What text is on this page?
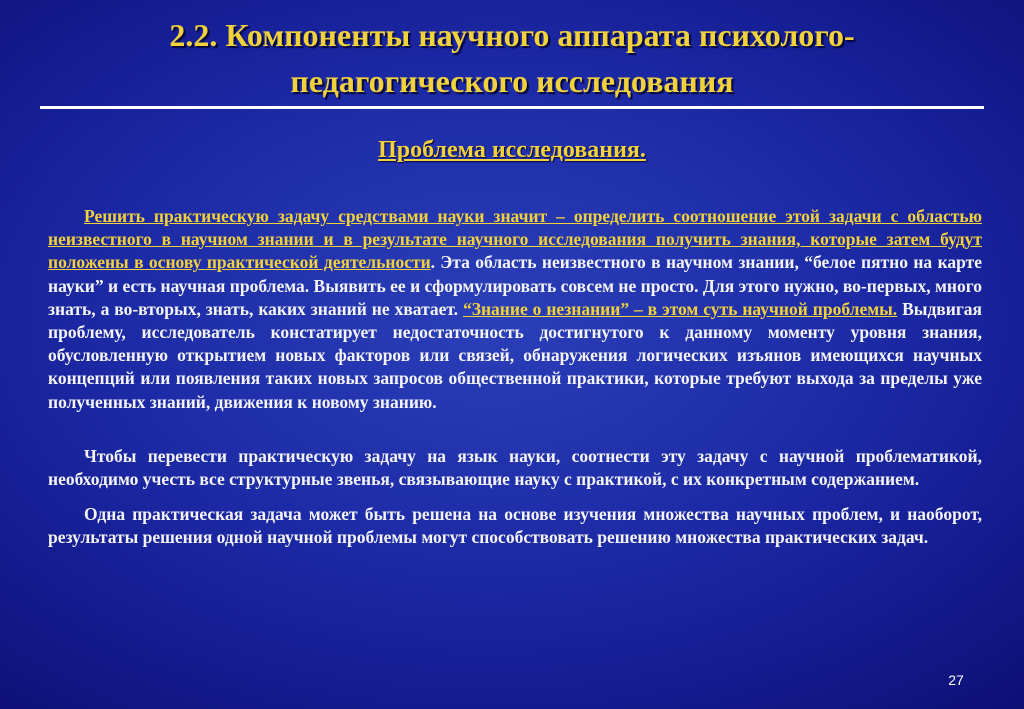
2.2. Компоненты научного аппарата психолого-
педагогического исследования
Проблема исследования.

Решить практическую задачу средствами науки значит – определить соотношение этой задачи с областью неизвестного в научном знании и в результате научного исследования получить знания, которые затем будут положены в основу практической деятельности. Эта область неизвестного в научном знании, “белое пятно на карте науки” и есть научная проблема. Выявить ее и сформулировать совсем не просто. Для этого нужно, во-первых, много знать, а во-вторых, знать, каких знаний не хватает. “Знание о незнании” – в этом суть научной проблемы. Выдвигая проблему, исследователь констатирует недостаточность достигнутого к данному моменту уровня знания, обусловленную открытием новых факторов или связей, обнаружения логических изъянов имеющихся научных концепций или появления таких новых запросов общественной практики, которые требуют выхода за пределы уже полученных знаний, движения к новому знанию.

Чтобы перевести практическую задачу на язык науки, соотнести эту задачу с научной проблематикой, необходимо учесть все структурные звенья, связывающие науку с практикой, с их конкретным содержанием.

Одна практическая задача может быть решена на основе изучения множества научных проблем, и наоборот, результаты решения одной научной проблемы могут способствовать решению множества практических задач.

27
